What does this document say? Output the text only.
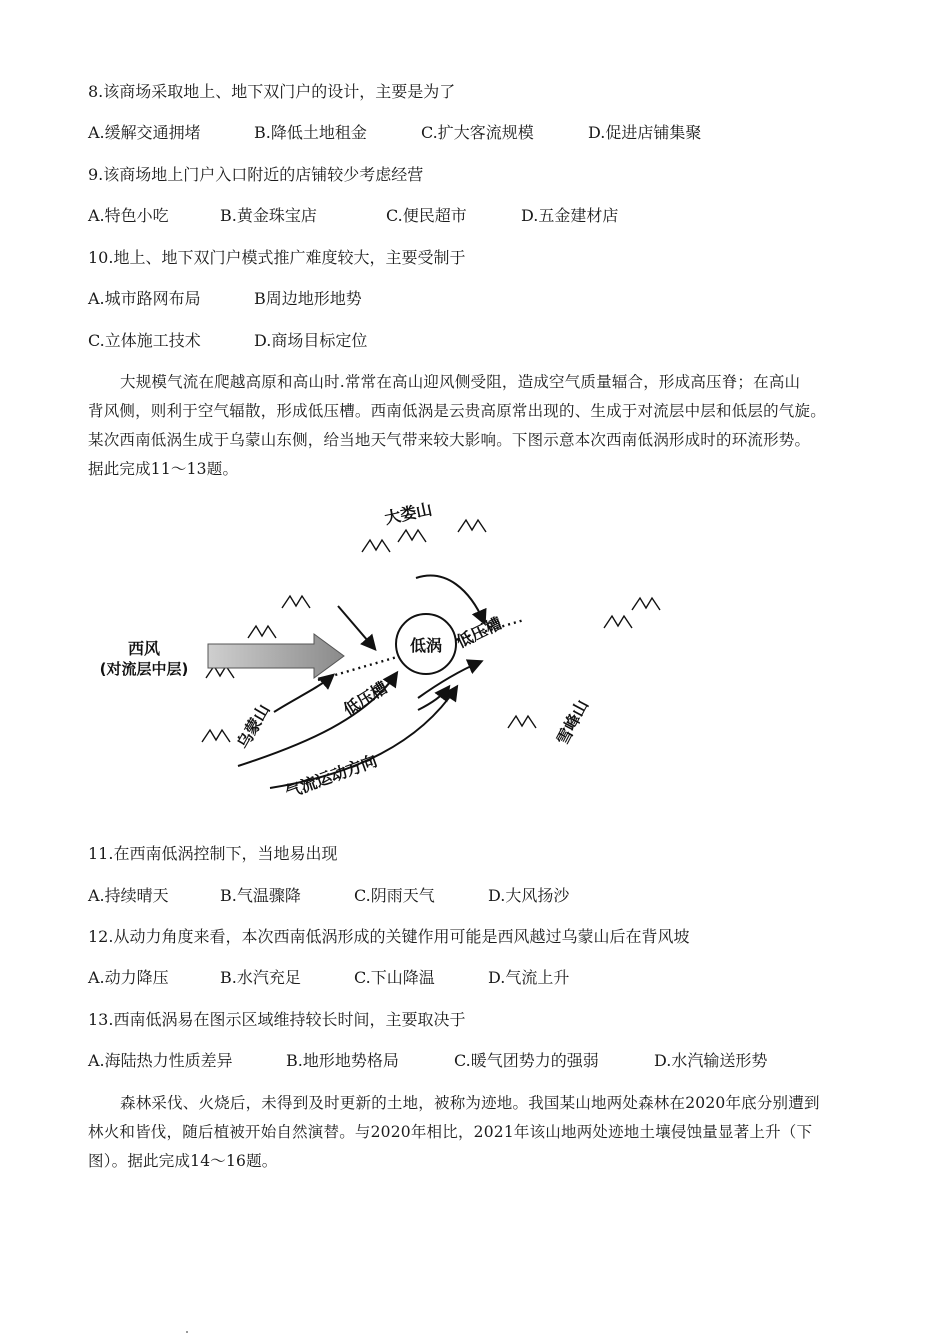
8.该商场采取地上、地下双门户的设计，主要是为了
A.缓解交通拥堵	B.降低土地租金	C.扩大客流规模	D.促进店铺集聚
9.该商场地上门户入口附近的店铺较少考虑经营
A.特色小吃	B.黄金珠宝店	C.便民超市	D.五金建材店
10.地上、地下双门户模式推广难度较大，主要受制于
A.城市路网布局	B周边地形地势
C.立体施工技术	D.商场目标定位
大规模气流在爬越高原和高山时.常常在高山迎风侧受阻，造成空气质量辐合，形成高压脊；在高山
背风侧，则利于空气辐散，形成低压槽。西南低涡是云贵高原常出现的、生成于对流层中层和低层的气旋。
某次西南低涡生成于乌蒙山东侧，给当地天气带来较大影响。下图示意本次西南低涡形成时的环流形势。
据此完成11～13题。
西风
(对流层中层)
大娄山
乌蒙山	雪峰山
低涡
低压槽
低压槽
气流运动方向
11.在西南低涡控制下，当地易出现
A.持续晴天	B.气温骤降	C.阴雨天气	D.大风扬沙
12.从动力角度来看，本次西南低涡形成的关键作用可能是西风越过乌蒙山后在背风坡
A.动力降压	B.水汽充足	C.下山降温	D.气流上升
13.西南低涡易在图示区域维持较长时间，主要取决于
A.海陆热力性质差异	B.地形地势格局	C.暖气团势力的强弱	D.水汽输送形势
森林采伐、火烧后，未得到及时更新的土地，被称为迹地。我国某山地两处森林在2020年底分别遭到
林火和皆伐，随后植被开始自然演替。与2020年相比，2021年该山地两处迹地土壤侵蚀量显著上升（下
图）。据此完成14～16题。
